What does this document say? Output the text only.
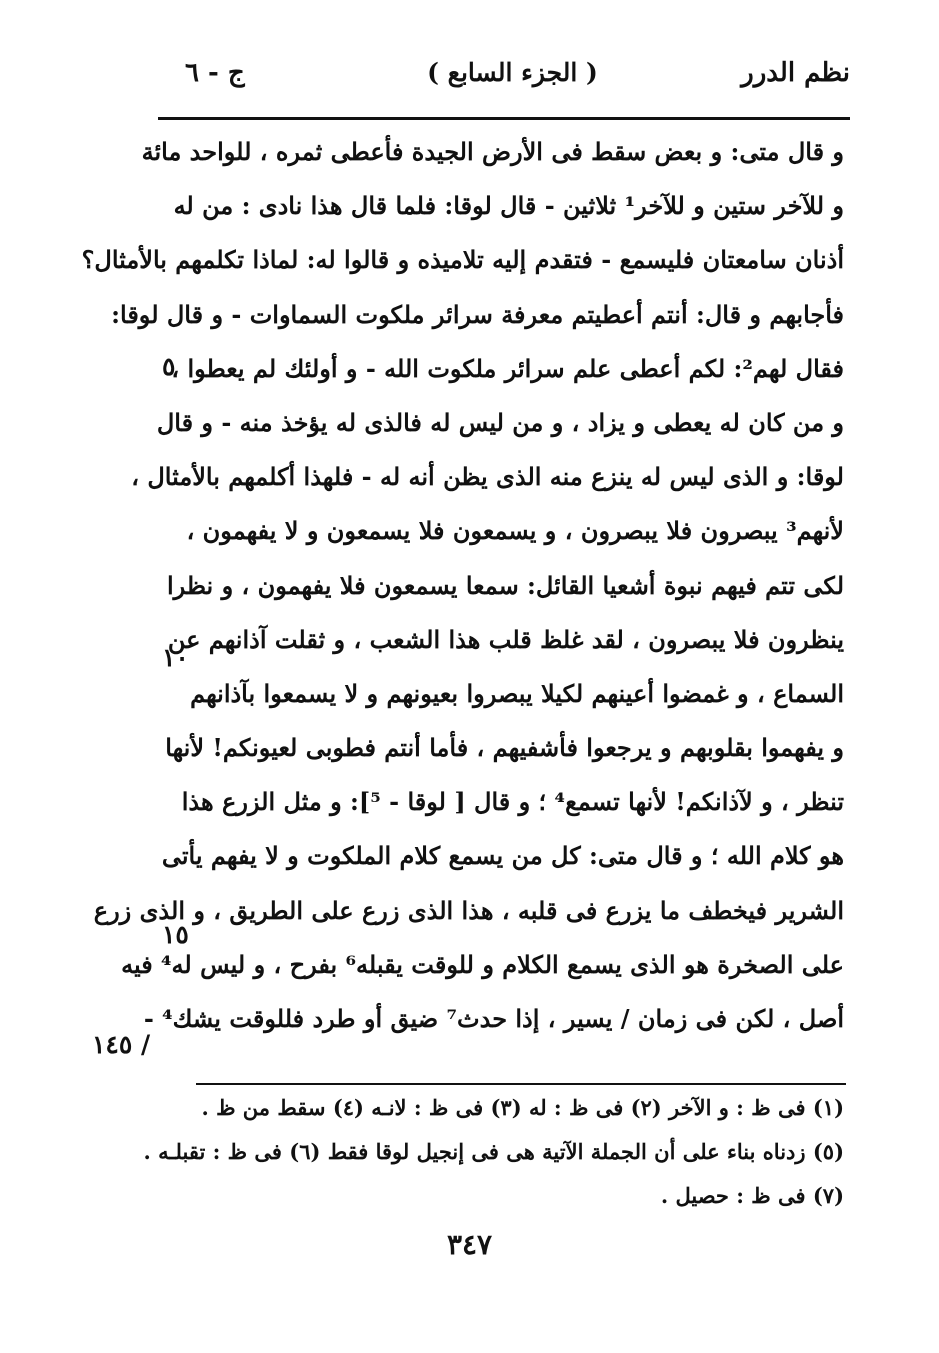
نظم الدرر
( الجزء السابع )
ج - ٦
و قال متى: و بعض سقط فى الأرض الجيدة فأعطى ثمره ، للواحد مائة
و للآخر ستين و للآخر¹ ثلاثين - قال لوقا: فلما قال هذا نادى : من له
أذنان سامعتان فليسمع - فتقدم إليه تلاميذه و قالوا له: لماذا تكلمهم بالأمثال؟
فأجابهم و قال: أنتم أعطيتم معرفة سرائر ملكوت السماوات - و قال لوقا:
فقال لهم²: لكم أعطى علم سرائر ملكوت الله - و أولئك لم يعطوا ،
و من كان له يعطى و يزاد ، و من ليس له فالذى له يؤخذ منه - و قال
لوقا: و الذى ليس له ينزع منه الذى يظن أنه له - فلهذا أكلمهم بالأمثال ،
لأنهم³ يبصرون فلا يبصرون ، و يسمعون فلا يسمعون و لا يفهمون ،
لكى تتم فيهم نبوة أشعيا القائل: سمعا يسمعون فلا يفهمون ، و نظرا
ينظرون فلا يبصرون ، لقد غلظ قلب هذا الشعب ، و ثقلت آذانهم عن
السماع ، و غمضوا أعينهم لكيلا يبصروا بعيونهم و لا يسمعوا بآذانهم
و يفهموا بقلوبهم و يرجعوا فأشفيهم ، فأما أنتم فطوبى لعيونكم! لأنها
تنظر ، و لآذانكم! لأنها تسمع⁴ ؛ و قال [ لوقا - ⁵]: و مثل الزرع هذا
هو كلام الله ؛ و قال متى: كل من يسمع كلام الملكوت و لا يفهم يأتى
الشرير فيخطف ما يزرع فى قلبه ، هذا الذى زرع على الطريق ، و الذى زرع
على الصخرة هو الذى يسمع الكلام و للوقت يقبله⁶ بفرح ، و ليس له⁴ فيه
أصل ، لكن فى زمان / يسير ، إذا حدث⁷ ضيق أو طرد فللوقت يشك⁴ -
٥
١٠
١٥
/ ١٤٥
(١) فى ظ : و الآخر (٢) فى ظ : له (٣) فى ظ : لانـه (٤) سقط من ظ .
(٥) زدناه بناء على أن الجملة الآتية هى فى إنجيل لوقا فقط (٦) فى ظ : تقبلـه .
(٧) فى ظ : حصيل .
٣٤٧
